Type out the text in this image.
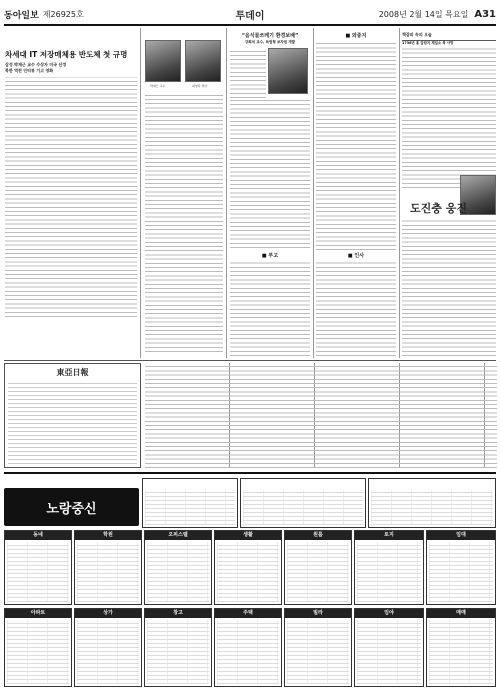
동아일보 제26925호	투데이	2008년 2월 14일 목요일 A31
차세대 IT 저장매체용 반도체 첫 규명
삼성 박재근 교수 수상자 미국 선정
북한 역전 인터뷰 기고 영화
박재근 교수	최영탁 박사
“음식물쓰레기 환경보배”
강희석 교수, 독립형 보자원 개발
■ 부고
■ 와중지
■ 인사
책갈피 속의 오늘
1736년 홍 갈림지 제일소 목 사망
도진충 웅진
東亞日報
노랑중신
동네	학원	오피스텔	생활	원룸	토지	임대
아파트	상가	창고	주택	빌라	임야	매매
